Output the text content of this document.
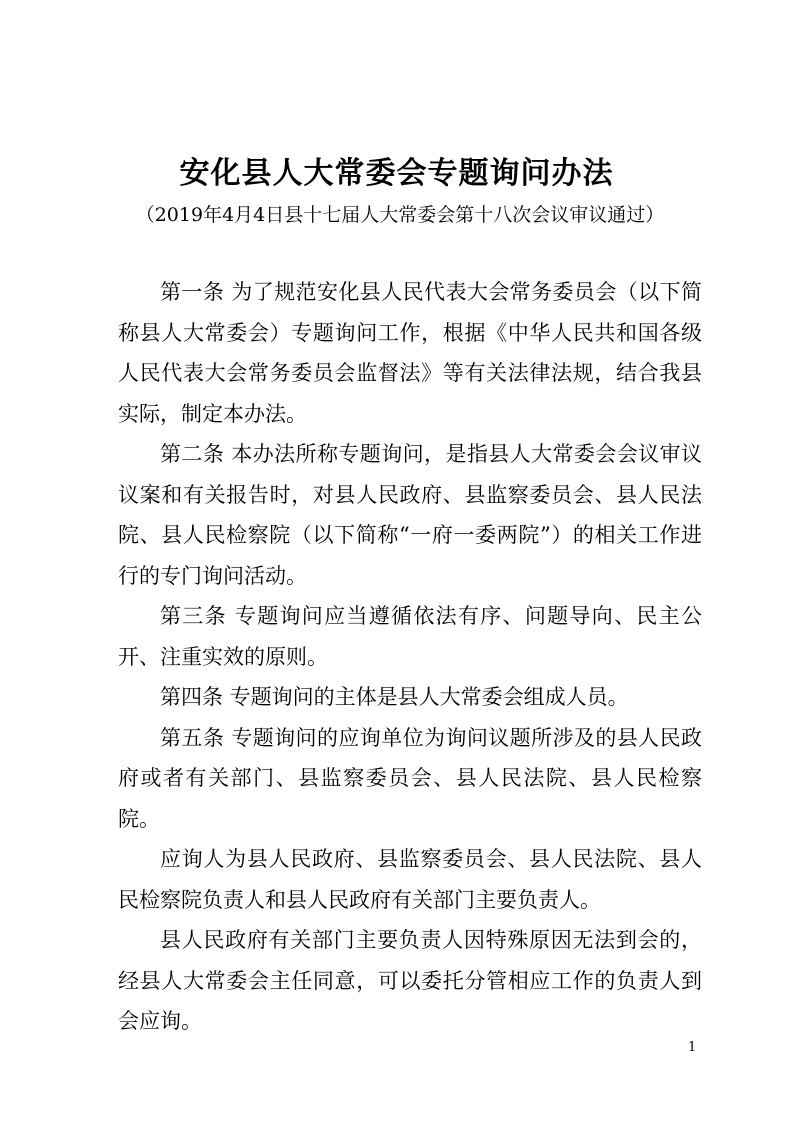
安化县人大常委会专题询问办法
（2019年4月4日县十七届人大常委会第十八次会议审议通过）

第一条 为了规范安化县人民代表大会常务委员会（以下简称县人大常委会）专题询问工作，根据《中华人民共和国各级人民代表大会常务委员会监督法》等有关法律法规，结合我县实际，制定本办法。

第二条 本办法所称专题询问，是指县人大常委会会议审议议案和有关报告时，对县人民政府、县监察委员会、县人民法院、县人民检察院（以下简称“一府一委两院”）的相关工作进行的专门询问活动。

第三条 专题询问应当遵循依法有序、问题导向、民主公开、注重实效的原则。

第四条 专题询问的主体是县人大常委会组成人员。

第五条 专题询问的应询单位为询问议题所涉及的县人民政府或者有关部门、县监察委员会、县人民法院、县人民检察院。

应询人为县人民政府、县监察委员会、县人民法院、县人民检察院负责人和县人民政府有关部门主要负责人。

县人民政府有关部门主要负责人因特殊原因无法到会的，经县人大常委会主任同意，可以委托分管相应工作的负责人到会应询。

1
